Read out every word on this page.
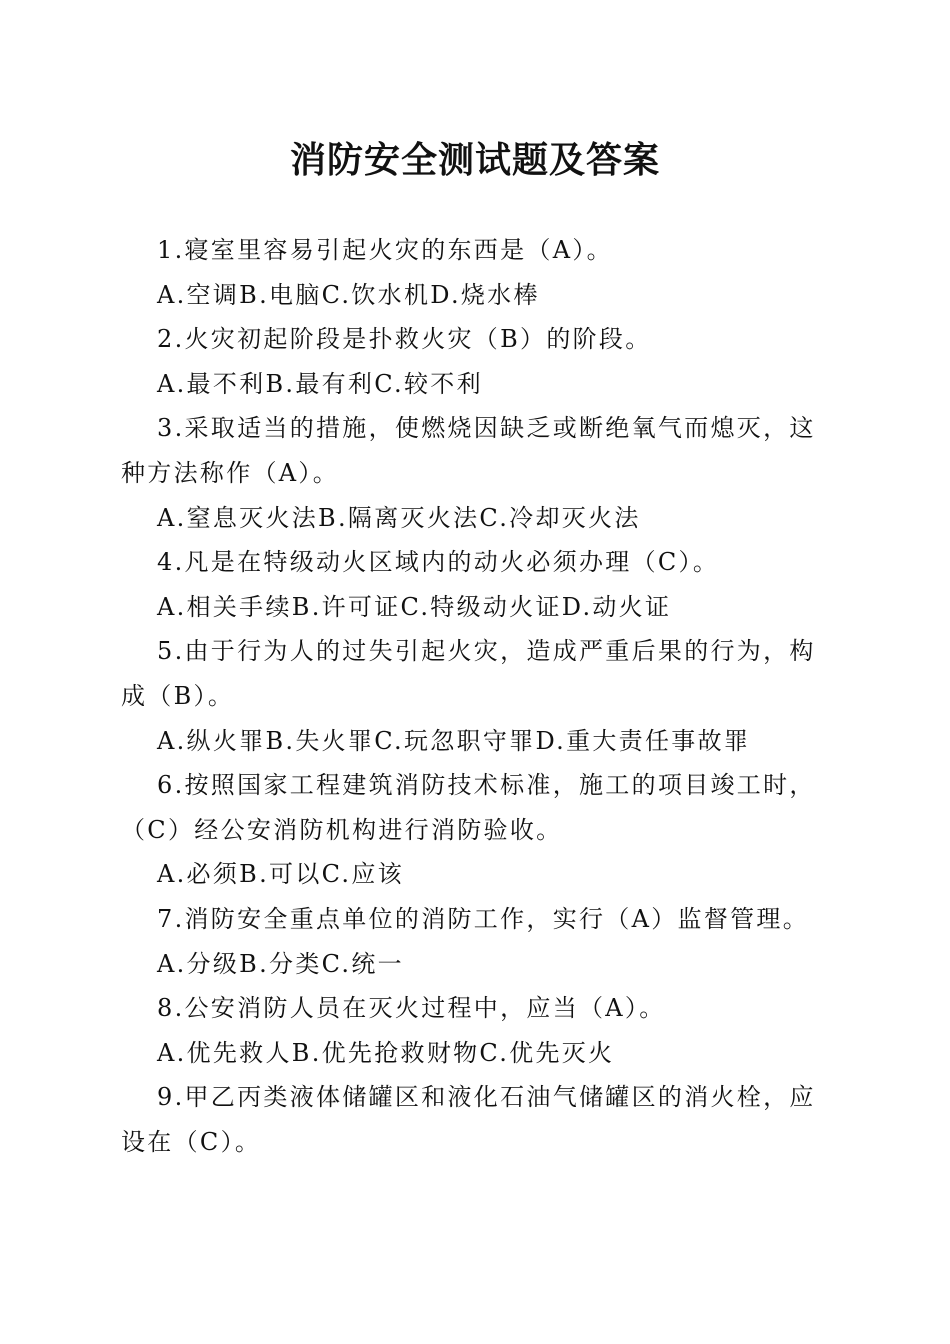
消防安全测试题及答案

1.寝室里容易引起火灾的东西是（A）。

A.空调B.电脑C.饮水机D.烧水棒

2.火灾初起阶段是扑救火灾（B）的阶段。

A.最不利B.最有利C.较不利

3.采取适当的措施，使燃烧因缺乏或断绝氧气而熄灭，这种方法称作（A）。

A.窒息灭火法B.隔离灭火法C.冷却灭火法

4.凡是在特级动火区域内的动火必须办理（C）。

A.相关手续B.许可证C.特级动火证D.动火证

5.由于行为人的过失引起火灾，造成严重后果的行为，构成（B）。

A.纵火罪B.失火罪C.玩忽职守罪D.重大责任事故罪

6.按照国家工程建筑消防技术标准，施工的项目竣工时，（C）经公安消防机构进行消防验收。

A.必须B.可以C.应该

7.消防安全重点单位的消防工作，实行（A）监督管理。

A.分级B.分类C.统一

8.公安消防人员在灭火过程中，应当（A）。

A.优先救人B.优先抢救财物C.优先灭火

9.甲乙丙类液体储罐区和液化石油气储罐区的消火栓，应设在（C）。
